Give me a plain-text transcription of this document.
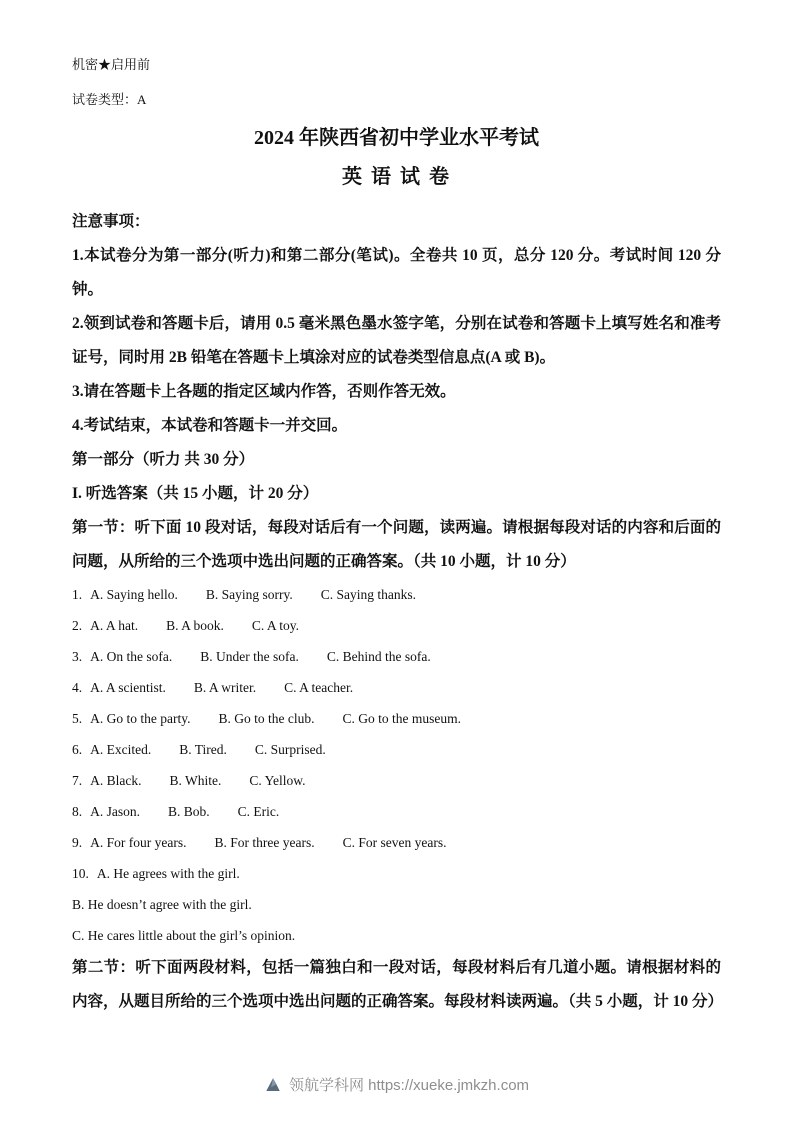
机密★启用前
试卷类型：A
2024 年陕西省初中学业水平考试
英 语 试 卷

注意事项：

1.本试卷分为第一部分(听力)和第二部分(笔试)。全卷共 10 页，总分 120 分。考试时间 120 分钟。

2.领到试卷和答题卡后，请用 0.5 毫米黑色墨水签字笔，分别在试卷和答题卡上填写姓名和准考证号，同时用 2B 铅笔在答题卡上填涂对应的试卷类型信息点(A 或 B)。

3.请在答题卡上各题的指定区域内作答，否则作答无效。

4.考试结束，本试卷和答题卡一并交回。

第一部分（听力 共 30 分）

I. 听选答案（共 15 小题，计 20 分）

第一节：听下面 10 段对话，每段对话后有一个问题，读两遍。请根据每段对话的内容和后面的问题，从所给的三个选项中选出问题的正确答案。（共 10 小题，计 10 分）

1. A. Saying hello. B. Saying sorry. C. Saying thanks.

2. A. A hat. B. A book. C. A toy.

3. A. On the sofa. B. Under the sofa. C. Behind the sofa.

4. A. A scientist. B. A writer. C. A teacher.

5. A. Go to the party. B. Go to the club. C. Go to the museum.

6. A. Excited. B. Tired. C. Surprised.

7. A. Black. B. White. C. Yellow.

8. A. Jason. B. Bob. C. Eric.

9. A. For four years. B. For three years. C. For seven years.

10. A. He agrees with the girl.

B. He doesn’t agree with the girl.

C. He cares little about the girl’s opinion.

第二节：听下面两段材料，包括一篇独白和一段对话，每段材料后有几道小题。请根据材料的内容，从题目所给的三个选项中选出问题的正确答案。每段材料读两遍。（共 5 小题，计 10 分）

领航学科网 https://xueke.jmkzh.com
